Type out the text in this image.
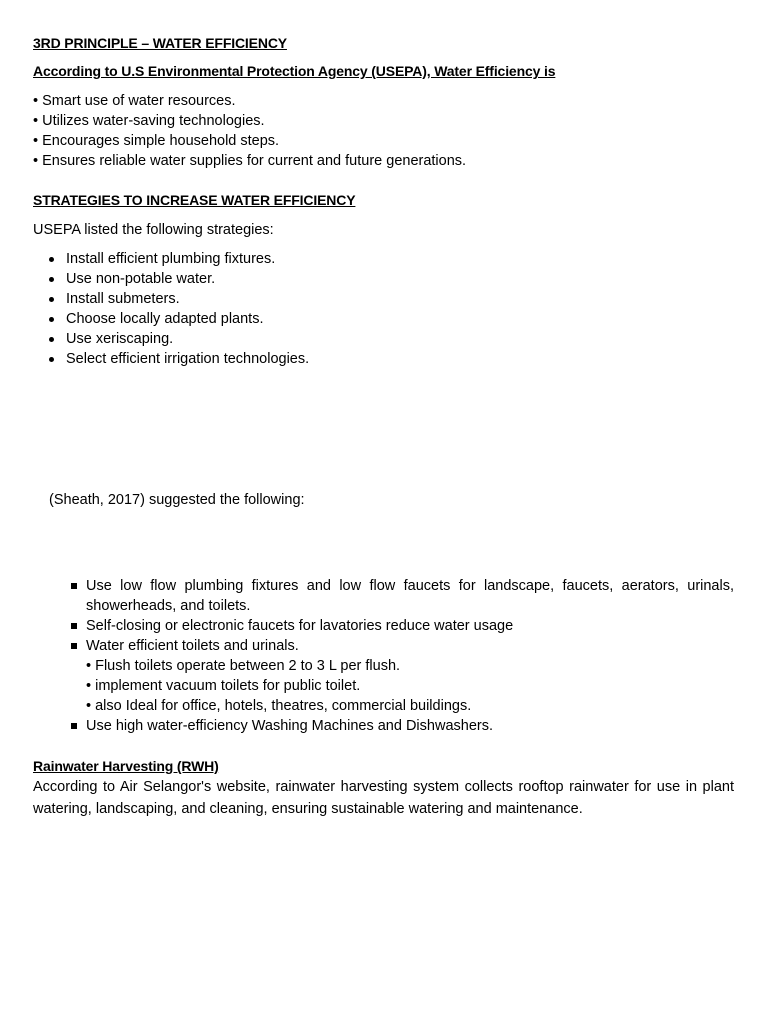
3RD PRINCIPLE – WATER EFFICIENCY
According to U.S Environmental Protection Agency (USEPA), Water Efficiency is
• Smart use of water resources.
• Utilizes water-saving technologies.
• Encourages simple household steps.
• Ensures reliable water supplies for current and future generations.
STRATEGIES TO INCREASE WATER EFFICIENCY
USEPA listed the following strategies:
Install efficient plumbing fixtures.
Use non-potable water.
Install submeters.
Choose locally adapted plants.
Use xeriscaping.
Select efficient irrigation technologies.
(Sheath, 2017) suggested the following:
Use low flow plumbing fixtures and low flow faucets for landscape, faucets, aerators, urinals, showerheads, and toilets.
Self-closing or electronic faucets for lavatories reduce water usage
Water efficient toilets and urinals.
• Flush toilets operate between 2 to 3 L per flush.
• implement vacuum toilets for public toilet.
• also Ideal for office, hotels, theatres, commercial buildings.
Use high water-efficiency Washing Machines and Dishwashers.
Rainwater Harvesting (RWH)
According to Air Selangor's website, rainwater harvesting system collects rooftop rainwater for use in plant watering, landscaping, and cleaning, ensuring sustainable watering and maintenance.
